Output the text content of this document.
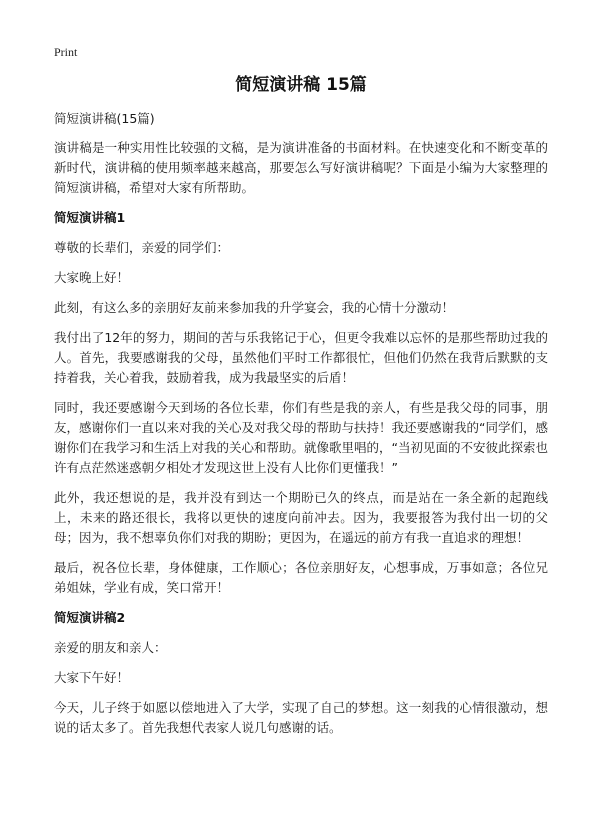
Print
简短演讲稿 15篇
简短演讲稿(15篇)
演讲稿是一种实用性比较强的文稿，是为演讲准备的书面材料。在快速变化和不断变革的新时代，演讲稿的使用频率越来越高，那要怎么写好演讲稿呢？下面是小编为大家整理的简短演讲稿，希望对大家有所帮助。
简短演讲稿1
尊敬的长辈们，亲爱的同学们：
大家晚上好！
此刻，有这么多的亲朋好友前来参加我的升学宴会，我的心情十分激动！
我付出了12年的努力，期间的苦与乐我铭记于心，但更令我难以忘怀的是那些帮助过我的人。首先，我要感谢我的父母，虽然他们平时工作都很忙，但他们仍然在我背后默默的支持着我，关心着我，鼓励着我，成为我最坚实的后盾！
同时，我还要感谢今天到场的各位长辈，你们有些是我的亲人，有些是我父母的同事，朋友，感谢你们一直以来对我的关心及对我父母的帮助与扶持！我还要感谢我的“同学们，感谢你们在我学习和生活上对我的关心和帮助。就像歌里唱的，“当初见面的不安彼此探索也许有点茫然迷惑朝夕相处才发现这世上没有人比你们更懂我！”
此外，我还想说的是，我并没有到达一个期盼已久的终点，而是站在一条全新的起跑线上，未来的路还很长，我将以更快的速度向前冲去。因为，我要报答为我付出一切的父母；因为，我不想辜负你们对我的期盼；更因为，在遥远的前方有我一直追求的理想！
最后，祝各位长辈，身体健康，工作顺心；各位亲朋好友，心想事成，万事如意；各位兄弟姐妹，学业有成，笑口常开！
简短演讲稿2
亲爱的朋友和亲人：
大家下午好！
今天，儿子终于如愿以偿地进入了大学，实现了自己的梦想。这一刻我的心情很激动，想说的话太多了。首先我想代表家人说几句感谢的话。
